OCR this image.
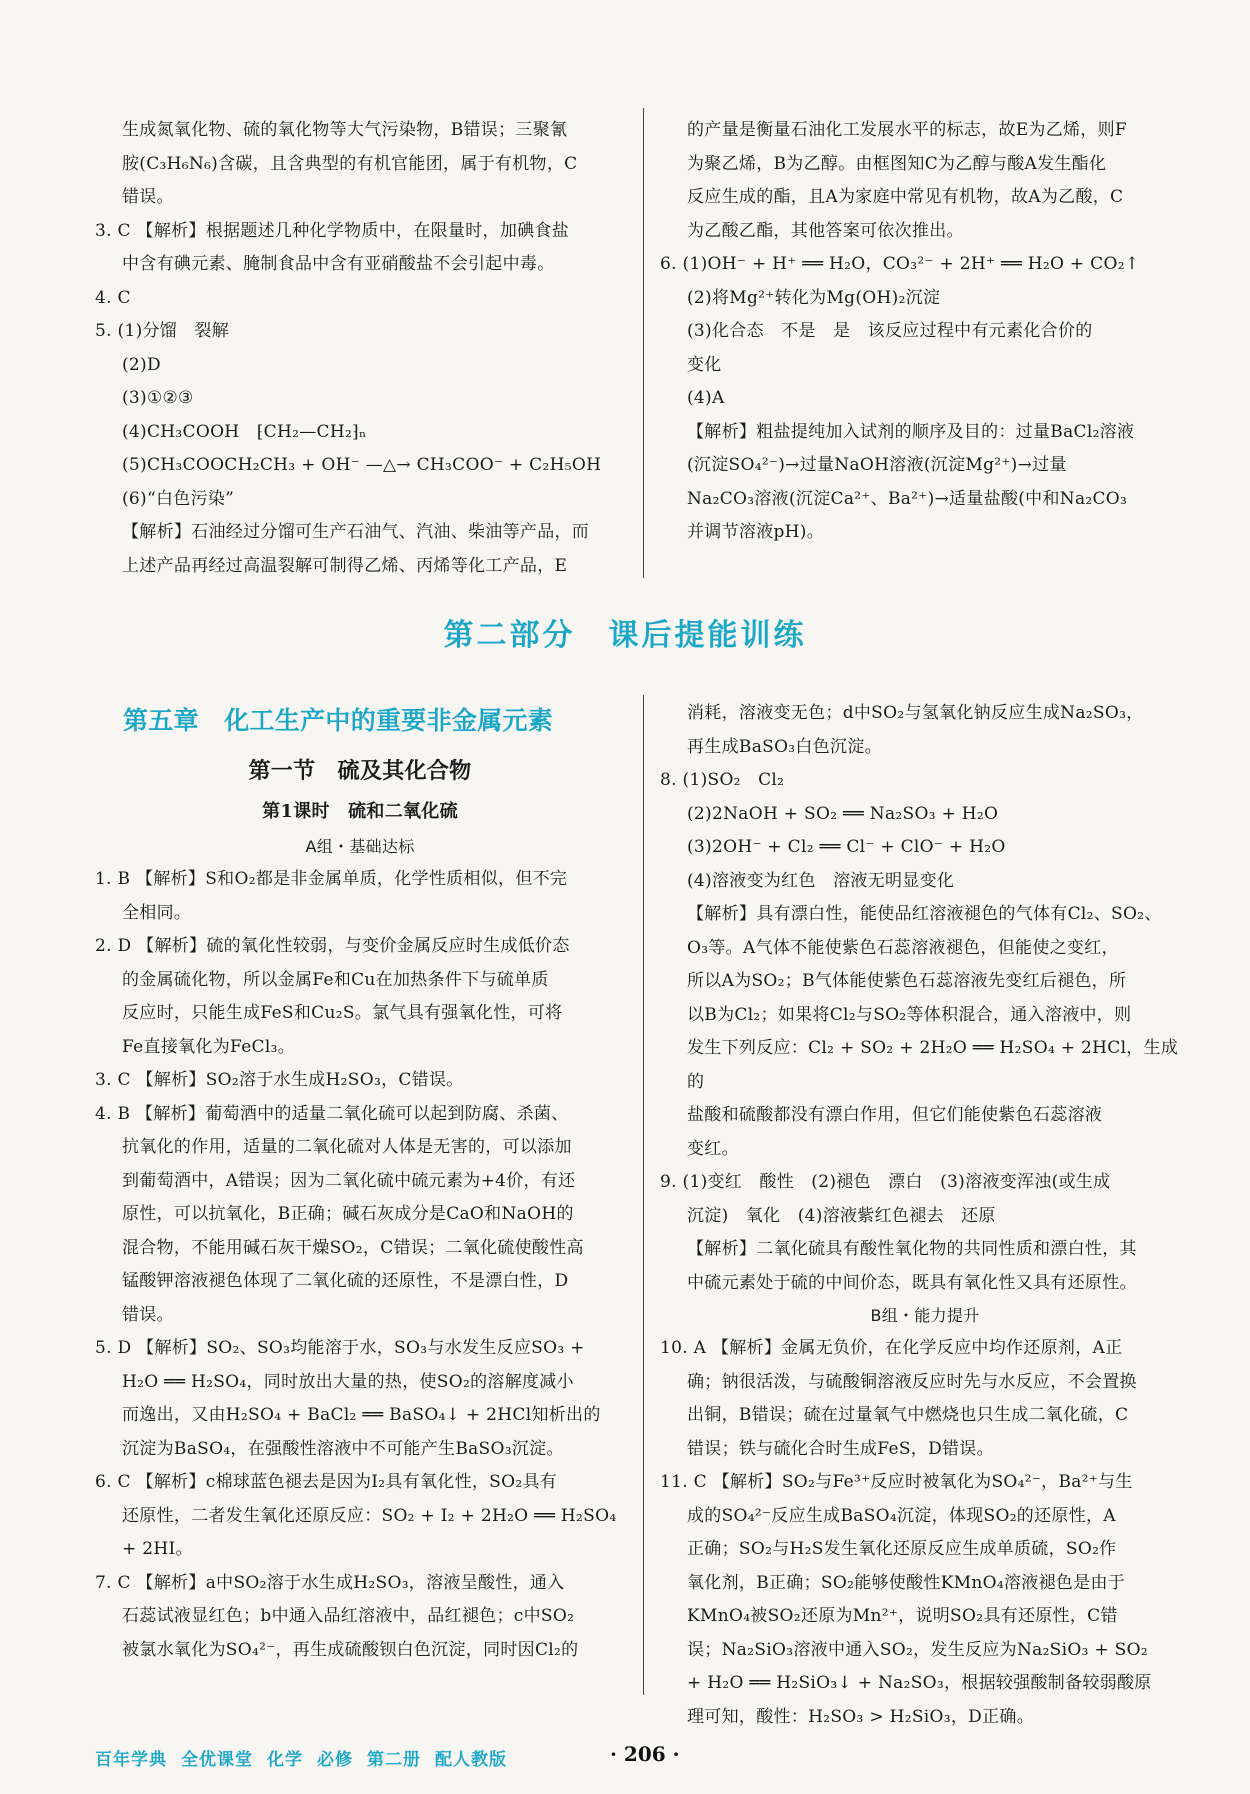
生成氮氧化物、硫的氧化物等大气污染物，B错误；三聚氰

胺(C₃H₆N₆)含碳，且含典型的有机官能团，属于有机物，C

错误。

3. C 【解析】根据题述几种化学物质中，在限量时，加碘食盐

中含有碘元素、腌制食品中含有亚硝酸盐不会引起中毒。

4. C

5. (1)分馏　裂解

(2)D

(3)①②③

(4)CH₃COOH　⁅CH₂—CH₂⁆ₙ

(5)CH₃COOCH₂CH₃ + OH⁻ —△→ CH₃COO⁻ + C₂H₅OH

(6)“白色污染”

【解析】石油经过分馏可生产石油气、汽油、柴油等产品，而

上述产品再经过高温裂解可制得乙烯、丙烯等化工产品，E

的产量是衡量石油化工发展水平的标志，故E为乙烯，则F

为聚乙烯，B为乙醇。由框图知C为乙醇与酸A发生酯化

反应生成的酯，且A为家庭中常见有机物，故A为乙酸，C

为乙酸乙酯，其他答案可依次推出。

6. (1)OH⁻ + H⁺ ══ H₂O，CO₃²⁻ + 2H⁺ ══ H₂O + CO₂↑

(2)将Mg²⁺转化为Mg(OH)₂沉淀

(3)化合态　不是　是　该反应过程中有元素化合价的

变化

(4)A

【解析】粗盐提纯加入试剂的顺序及目的：过量BaCl₂溶液

(沉淀SO₄²⁻)→过量NaOH溶液(沉淀Mg²⁺)→过量

Na₂CO₃溶液(沉淀Ca²⁺、Ba²⁺)→适量盐酸(中和Na₂CO₃

并调节溶液pH)。

第二部分　课后提能训练

第五章　化工生产中的重要非金属元素

第一节　硫及其化合物

第1课时　硫和二氧化硫

A组・基础达标

1. B 【解析】S和O₂都是非金属单质，化学性质相似，但不完

全相同。

2. D 【解析】硫的氧化性较弱，与变价金属反应时生成低价态

的金属硫化物，所以金属Fe和Cu在加热条件下与硫单质

反应时，只能生成FeS和Cu₂S。氯气具有强氧化性，可将

Fe直接氧化为FeCl₃。

3. C 【解析】SO₂溶于水生成H₂SO₃，C错误。

4. B 【解析】葡萄酒中的适量二氧化硫可以起到防腐、杀菌、

抗氧化的作用，适量的二氧化硫对人体是无害的，可以添加

到葡萄酒中，A错误；因为二氧化硫中硫元素为+4价，有还

原性，可以抗氧化，B正确；碱石灰成分是CaO和NaOH的

混合物，不能用碱石灰干燥SO₂，C错误；二氧化硫使酸性高

锰酸钾溶液褪色体现了二氧化硫的还原性，不是漂白性，D

错误。

5. D 【解析】SO₂、SO₃均能溶于水，SO₃与水发生反应SO₃ +

H₂O ══ H₂SO₄，同时放出大量的热，使SO₂的溶解度减小

而逸出，又由H₂SO₄ + BaCl₂ ══ BaSO₄↓ + 2HCl知析出的

沉淀为BaSO₄，在强酸性溶液中不可能产生BaSO₃沉淀。

6. C 【解析】c棉球蓝色褪去是因为I₂具有氧化性，SO₂具有

还原性，二者发生氧化还原反应：SO₂ + I₂ + 2H₂O ══ H₂SO₄

+ 2HI。

7. C 【解析】a中SO₂溶于水生成H₂SO₃，溶液呈酸性，通入

石蕊试液显红色；b中通入品红溶液中，品红褪色；c中SO₂

被氯水氧化为SO₄²⁻，再生成硫酸钡白色沉淀，同时因Cl₂的

消耗，溶液变无色；d中SO₂与氢氧化钠反应生成Na₂SO₃，

再生成BaSO₃白色沉淀。

8. (1)SO₂　Cl₂

(2)2NaOH + SO₂ ══ Na₂SO₃ + H₂O

(3)2OH⁻ + Cl₂ ══ Cl⁻ + ClO⁻ + H₂O

(4)溶液变为红色　溶液无明显变化

【解析】具有漂白性，能使品红溶液褪色的气体有Cl₂、SO₂、

O₃等。A气体不能使紫色石蕊溶液褪色，但能使之变红，

所以A为SO₂；B气体能使紫色石蕊溶液先变红后褪色，所

以B为Cl₂；如果将Cl₂与SO₂等体积混合，通入溶液中，则

发生下列反应：Cl₂ + SO₂ + 2H₂O ══ H₂SO₄ + 2HCl，生成的

盐酸和硫酸都没有漂白作用，但它们能使紫色石蕊溶液

变红。

9. (1)变红　酸性　(2)褪色　漂白　(3)溶液变浑浊(或生成

沉淀)　氧化　(4)溶液紫红色褪去　还原

【解析】二氧化硫具有酸性氧化物的共同性质和漂白性，其

中硫元素处于硫的中间价态，既具有氧化性又具有还原性。

B组・能力提升

10. A 【解析】金属无负价，在化学反应中均作还原剂，A正

确；钠很活泼，与硫酸铜溶液反应时先与水反应，不会置换

出铜，B错误；硫在过量氧气中燃烧也只生成二氧化硫，C

错误；铁与硫化合时生成FeS，D错误。

11. C 【解析】SO₂与Fe³⁺反应时被氧化为SO₄²⁻，Ba²⁺与生

成的SO₄²⁻反应生成BaSO₄沉淀，体现SO₂的还原性，A

正确；SO₂与H₂S发生氧化还原反应生成单质硫，SO₂作

氧化剂，B正确；SO₂能够使酸性KMnO₄溶液褪色是由于

KMnO₄被SO₂还原为Mn²⁺，说明SO₂具有还原性，C错

误；Na₂SiO₃溶液中通入SO₂，发生反应为Na₂SiO₃ + SO₂

+ H₂O ══ H₂SiO₃↓ + Na₂SO₃，根据较强酸制备较弱酸原

理可知，酸性：H₂SO₃ > H₂SiO₃，D正确。

百年学典 全优课堂 化学 必修 第二册 配人教版	· 206 ·
